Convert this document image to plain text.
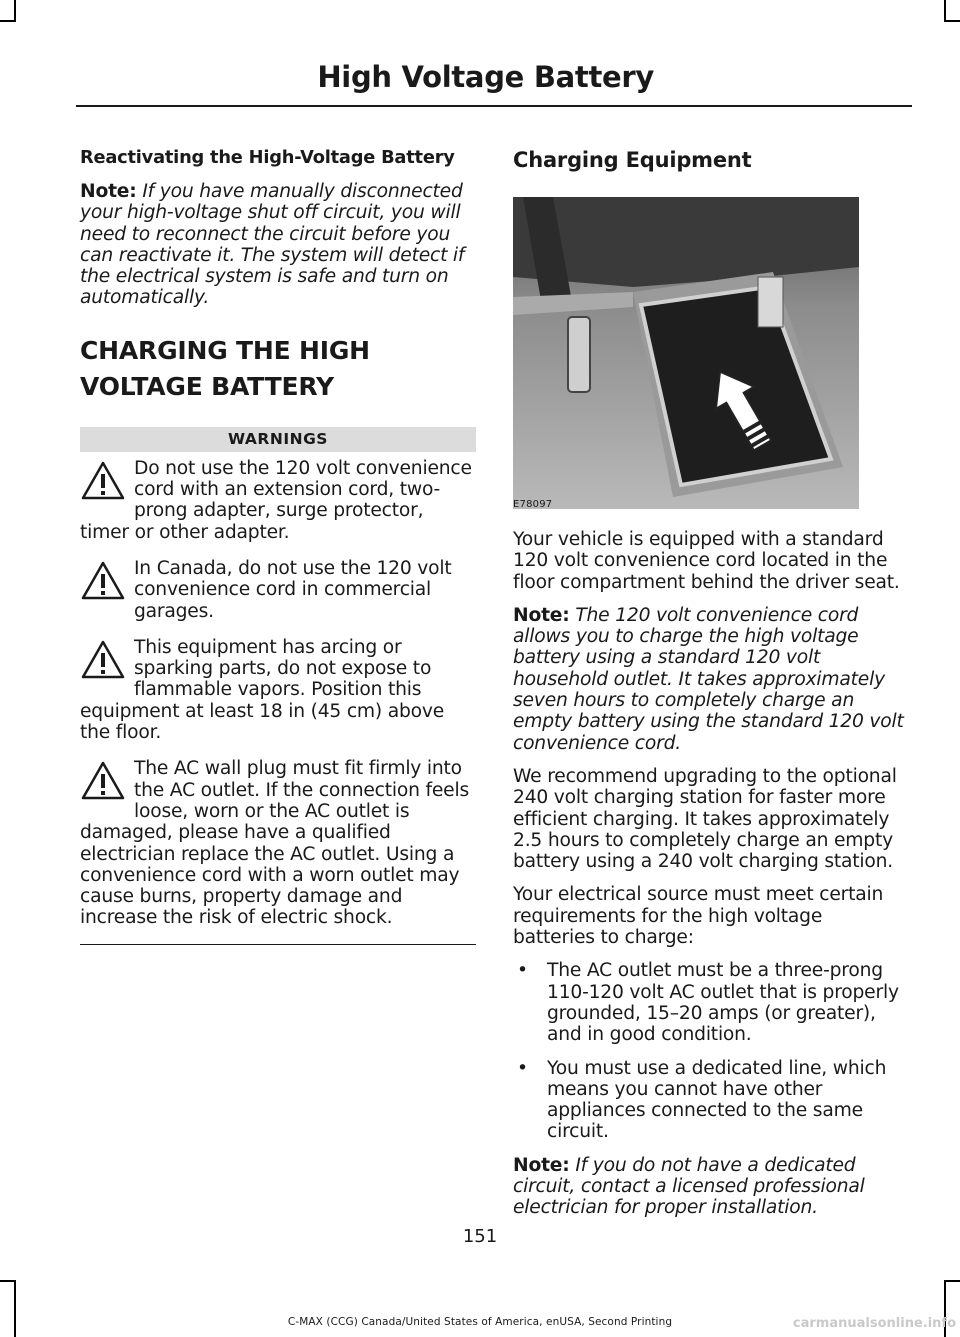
High Voltage Battery
Reactivating the High-Voltage Battery

Note: If you have manually disconnected your high-voltage shut off circuit, you will need to reconnect the circuit before you can reactivate it. The system will detect if the electrical system is safe and turn on automatically.

CHARGING THE HIGH
VOLTAGE BATTERY
WARNINGS
Do not use the 120 volt convenience cord with an extension cord, two-prong adapter, surge protector, timer or other adapter.
In Canada, do not use the 120 volt convenience cord in commercial garages.
This equipment has arcing or sparking parts, do not expose to flammable vapors. Position this equipment at least 18 in (45 cm) above the floor.
The AC wall plug must fit firmly into the AC outlet. If the connection feels loose, worn or the AC outlet is damaged, please have a qualified electrician replace the AC outlet. Using a convenience cord with a worn outlet may cause burns, property damage and increase the risk of electric shock.
Charging Equipment
E78097

Your vehicle is equipped with a standard 120 volt convenience cord located in the floor compartment behind the driver seat.

Note: The 120 volt convenience cord allows you to charge the high voltage battery using a standard 120 volt household outlet. It takes approximately seven hours to completely charge an empty battery using the standard 120 volt convenience cord.

We recommend upgrading to the optional 240 volt charging station for faster more efficient charging. It takes approximately 2.5 hours to completely charge an empty battery using a 240 volt charging station.

Your electrical source must meet certain requirements for the high voltage batteries to charge:

• The AC outlet must be a three-prong 110-120 volt AC outlet that is properly grounded, 15–20 amps (or greater), and in good condition.
• You must use a dedicated line, which means you cannot have other appliances connected to the same circuit.

Note: If you do not have a dedicated circuit, contact a licensed professional electrician for proper installation.

151
C-MAX (CCG) Canada/United States of America, enUSA, Second Printing	carmanualsonline.info
